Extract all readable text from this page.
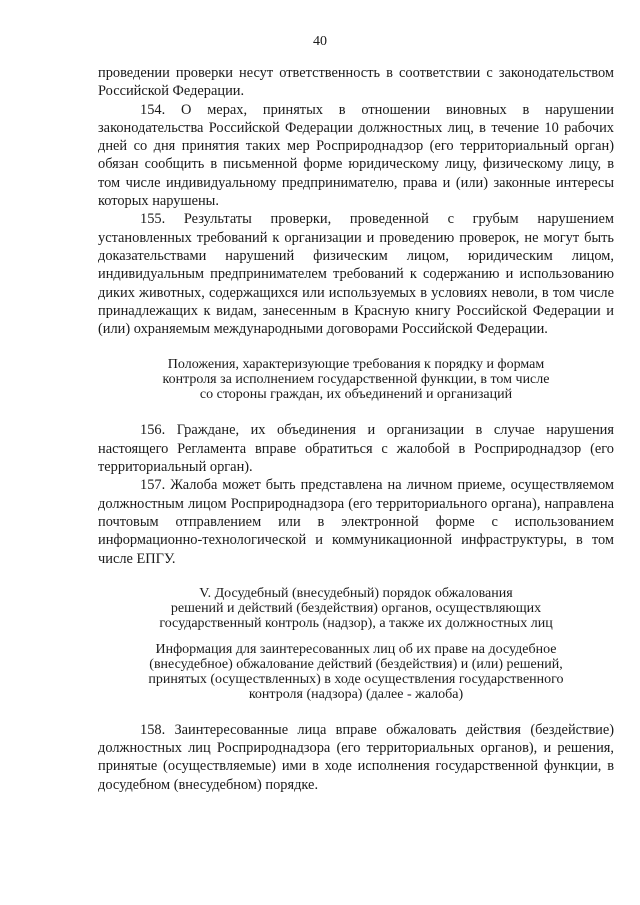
40

проведении проверки несут ответственность в соответствии с законодательством Российской Федерации.

154. О мерах, принятых в отношении виновных в нарушении законодательства Российской Федерации должностных лиц, в течение 10 рабочих дней со дня принятия таких мер Росприроднадзор (его территориальный орган) обязан сообщить в письменной форме юридическому лицу, физическому лицу, в том числе индивидуальному предпринимателю, права и (или) законные интересы которых нарушены.

155. Результаты проверки, проведенной с грубым нарушением установленных требований к организации и проведению проверок, не могут быть доказательствами нарушений физическим лицом, юридическим лицом, индивидуальным предпринимателем требований к содержанию и использованию диких животных, содержащихся или используемых в условиях неволи, в том числе принадлежащих к видам, занесенным в Красную книгу Российской Федерации и (или) охраняемым международными договорами Российской Федерации.

Положения, характеризующие требования к порядку и формам
контроля за исполнением государственной функции, в том числе
со стороны граждан, их объединений и организаций

156. Граждане, их объединения и организации в случае нарушения настоящего Регламента вправе обратиться с жалобой в Росприроднадзор (его территориальный орган).

157. Жалоба может быть представлена на личном приеме, осуществляемом должностным лицом Росприроднадзора (его территориального органа), направлена почтовым отправлением или в электронной форме с использованием информационно-технологической и коммуникационной инфраструктуры, в том числе ЕПГУ.

V. Досудебный (внесудебный) порядок обжалования
решений и действий (бездействия) органов, осуществляющих
государственный контроль (надзор), а также их должностных лиц
Информация для заинтересованных лиц об их праве на досудебное
(внесудебное) обжалование действий (бездействия) и (или) решений,
принятых (осуществленных) в ходе осуществления государственного
контроля (надзора) (далее - жалоба)

158. Заинтересованные лица вправе обжаловать действия (бездействие) должностных лиц Росприроднадзора (его территориальных органов), и решения, принятые (осуществляемые) ими в ходе исполнения государственной функции, в досудебном (внесудебном) порядке.
